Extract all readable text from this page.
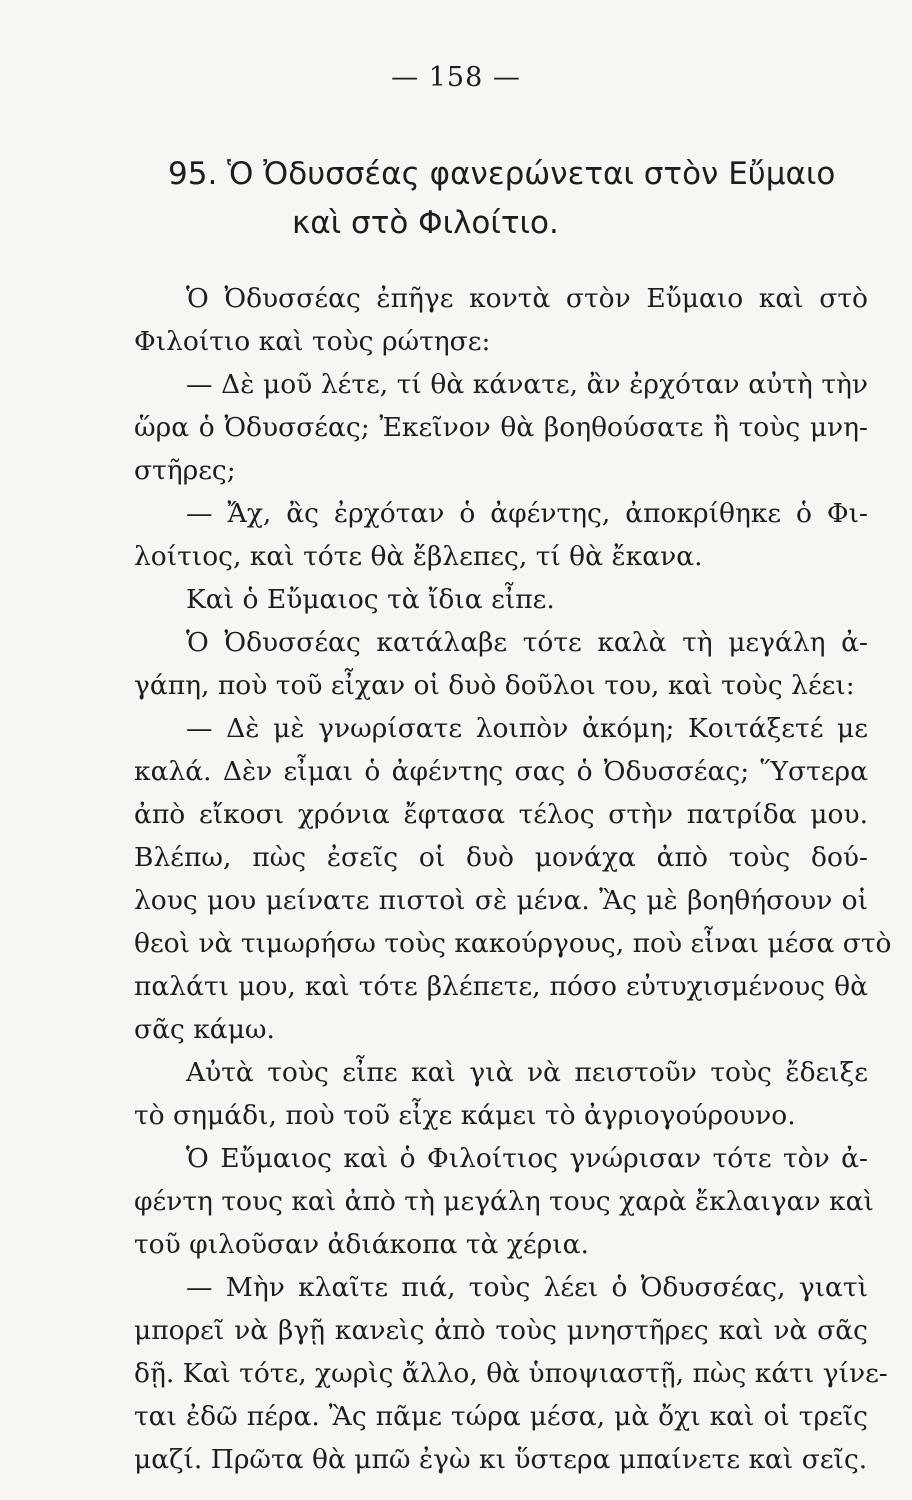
— 158 —
95. Ὁ Ὀδυσσέας φανερώνεται στὸν Εὔμαιο
καὶ στὸ Φιλοίτιο.
Ὁ Ὀδυσσέας ἐπῆγε κοντὰ στὸν Εὔμαιο καὶ στὸ
Φιλοίτιο καὶ τοὺς ρώτησε:
— Δὲ μοῦ λέτε, τί θὰ κάνατε, ἂν ἐρχόταν αὐτὴ τὴν
ὥρα ὁ Ὀδυσσέας; Ἐκεῖνον θὰ βοηθούσατε ἢ τοὺς μνη-
στῆρες;
— Ἄχ, ἂς ἐρχόταν ὁ ἀφέντης, ἀποκρίθηκε ὁ Φι-
λοίτιος, καὶ τότε θὰ ἔβλεπες, τί θὰ ἔκανα.
Καὶ ὁ Εὔμαιος τὰ ἴδια εἶπε.
Ὁ Ὀδυσσέας κατάλαβε τότε καλὰ τὴ μεγάλη ἀ-
γάπη, ποὺ τοῦ εἶχαν οἱ δυὸ δοῦλοι του, καὶ τοὺς λέει:
— Δὲ μὲ γνωρίσατε λοιπὸν ἀκόμη; Κοιτάξετέ με
καλά. Δὲν εἶμαι ὁ ἀφέντης σας ὁ Ὀδυσσέας; Ὕστερα
ἀπὸ εἴκοσι χρόνια ἔφτασα τέλος στὴν πατρίδα μου.
Βλέπω, πὼς ἐσεῖς οἱ δυὸ μονάχα ἀπὸ τοὺς δού-
λους μου μείνατε πιστοὶ σὲ μένα. Ἂς μὲ βοηθήσουν οἱ
θεοὶ νὰ τιμωρήσω τοὺς κακούργους, ποὺ εἶναι μέσα στὸ
παλάτι μου, καὶ τότε βλέπετε, πόσο εὐτυχισμένους θὰ
σᾶς κάμω.
Αὐτὰ τοὺς εἶπε καὶ γιὰ νὰ πειστοῦν τοὺς ἔδειξε
τὸ σημάδι, ποὺ τοῦ εἶχε κάμει τὸ ἀγριογούρουνο.
Ὁ Εὔμαιος καὶ ὁ Φιλοίτιος γνώρισαν τότε τὸν ἀ-
φέντη τους καὶ ἀπὸ τὴ μεγάλη τους χαρὰ ἔκλαιγαν καὶ
τοῦ φιλοῦσαν ἀδιάκοπα τὰ χέρια.
— Μὴν κλαῖτε πιά, τοὺς λέει ὁ Ὀδυσσέας, γιατὶ
μπορεῖ νὰ βγῇ κανεὶς ἀπὸ τοὺς μνηστῆρες καὶ νὰ σᾶς
δῇ. Καὶ τότε, χωρὶς ἄλλο, θὰ ὑποψιαστῇ, πὼς κάτι γίνε-
ται ἐδῶ πέρα. Ἂς πᾶμε τώρα μέσα, μὰ ὄχι καὶ οἱ τρεῖς
μαζί. Πρῶτα θὰ μπῶ ἐγὼ κι ὕστερα μπαίνετε καὶ σεῖς.
